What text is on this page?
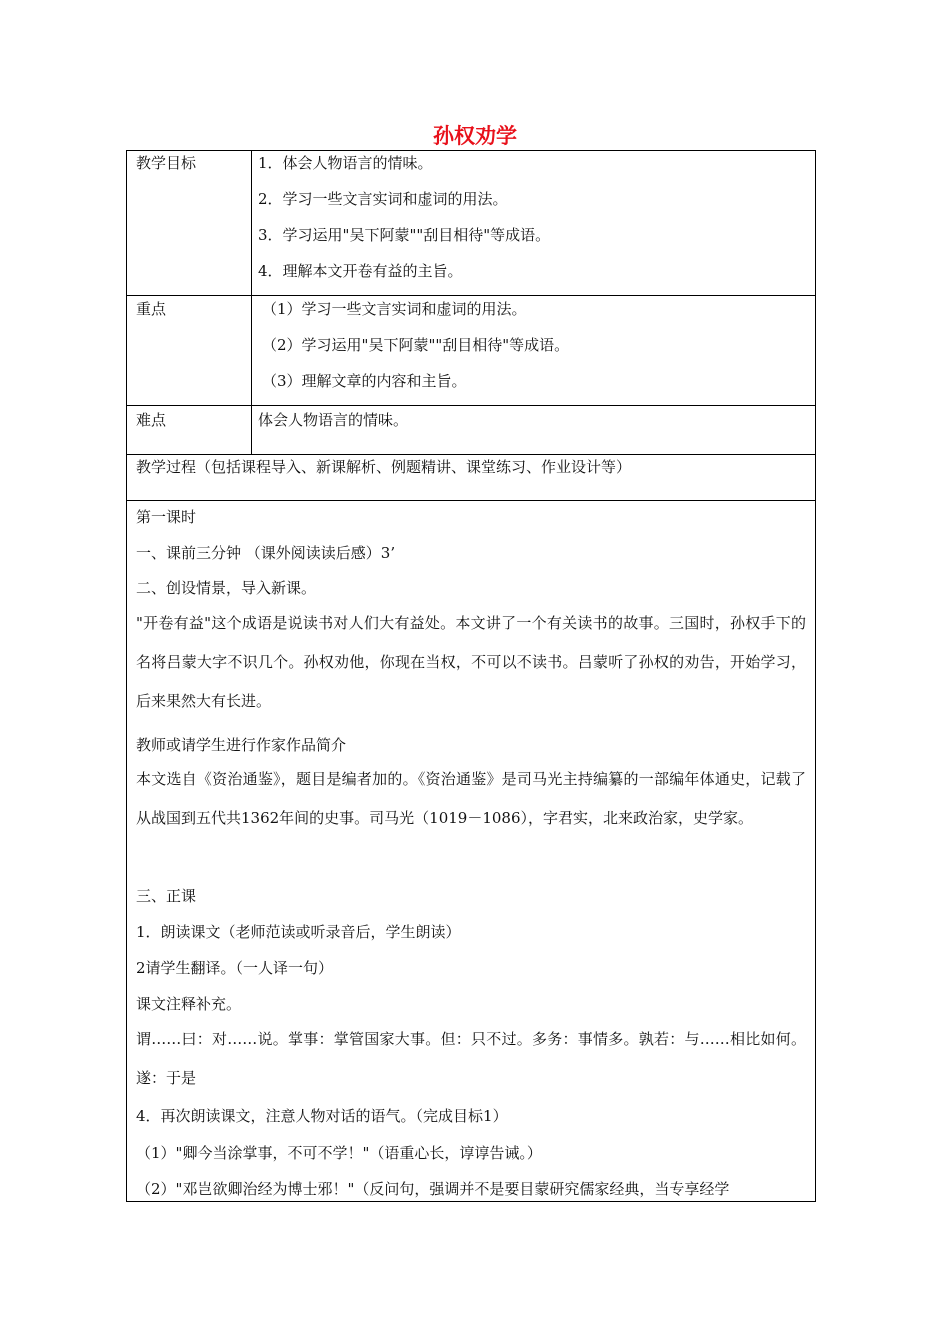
孙权劝学
教学目标	1．体会人物语言的情味。
2．学习一些文言实词和虚词的用法。
3．学习运用"吴下阿蒙""刮目相待"等成语。
4．理解本文开卷有益的主旨。
重点	（1）学习一些文言实词和虚词的用法。
（2）学习运用"吴下阿蒙""刮目相待"等成语。
（3）理解文章的内容和主旨。
难点	体会人物语言的情味。
教学过程（包括课程导入、新课解析、例题精讲、课堂练习、作业设计等）
第一课时
一、课前三分钟 （课外阅读读后感）3’
二、创设情景，导入新课。
"开卷有益"这个成语是说读书对人们大有益处。本文讲了一个有关读书的故事。三国时，孙权手下的名将吕蒙大字不识几个。孙权劝他，你现在当权，不可以不读书。吕蒙听了孙权的劝告，开始学习，后来果然大有长进。
教师或请学生进行作家作品简介
本文选自《资治通鉴》，题目是编者加的。《资治通鉴》是司马光主持编纂的一部编年体通史，记载了从战国到五代共1362年间的史事。司马光（1019－1086），字君实，北来政治家，史学家。
三、正课
1．朗读课文（老师范读或听录音后，学生朗读）
2请学生翻译。（一人译一句）
课文注释补充。
谓……曰：对……说。掌事：掌管国家大事。但：只不过。多务：事情多。孰若：与……相比如何。遂：于是
4．再次朗读课文，注意人物对话的语气。（完成目标1）
（1）"卿今当涂掌事，不可不学！"（语重心长，谆谆告诫。）
（2）"邓岂欲卿治经为博士邪！"（反问句，强调并不是要目蒙研究儒家经典，当专享经学
